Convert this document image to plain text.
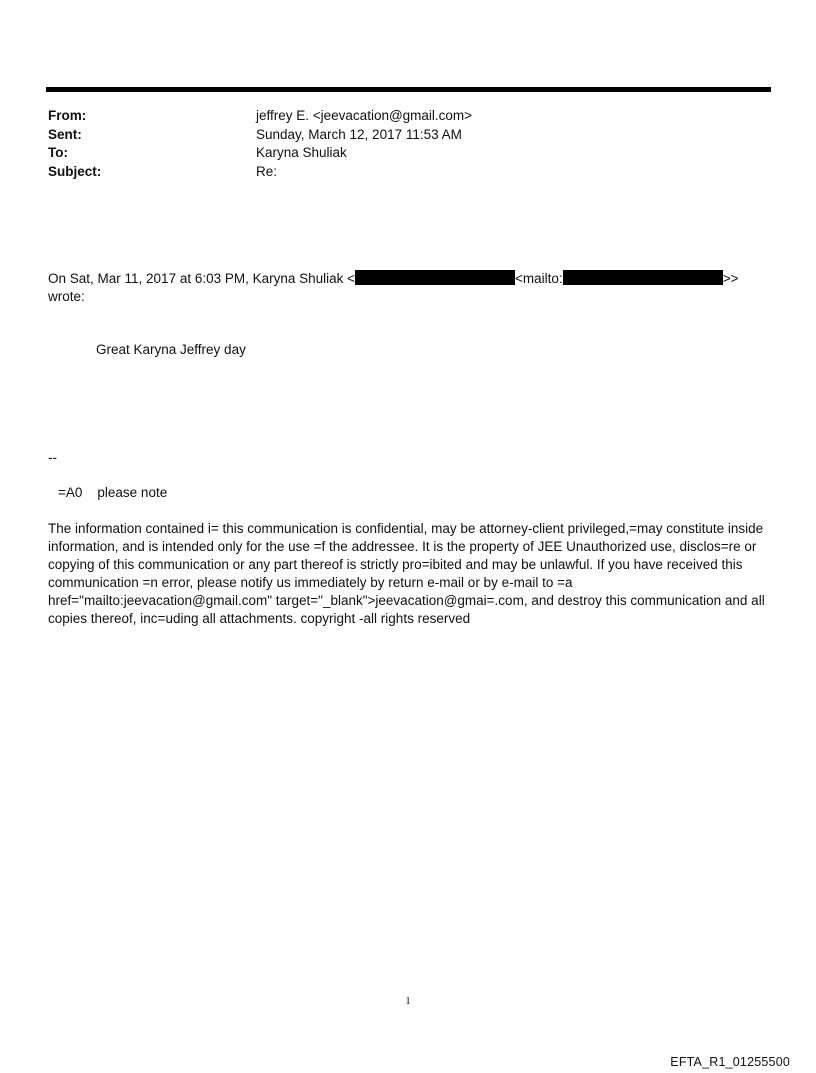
From:	jeffrey E. <jeevacation@gmail.com>
Sent:	Sunday, March 12, 2017 11:53 AM
To:	Karyna Shuliak
Subject:	Re:
On Sat, Mar 11, 2017 at 6:03 PM, Karyna Shuliak <	<mailto:	>>
wrote:
Great Karyna Jeffrey day
--
=A0    please note
The information contained i= this communication is confidential, may be attorney-client privileged,=may constitute inside information, and is intended only for the use =f the addressee. It is the property of JEE Unauthorized use, disclos=re or copying of this communication or any part thereof is strictly pro=ibited and may be unlawful. If you have received this communication =n error, please notify us immediately by return e-mail or by e-mail to =a href="mailto:jeevacation@gmail.com" target="_blank">jeevacation@gmai=.com, and destroy this communication and all copies thereof, inc=uding all attachments. copyright -all rights reserved
1
EFTA_R1_01255500
